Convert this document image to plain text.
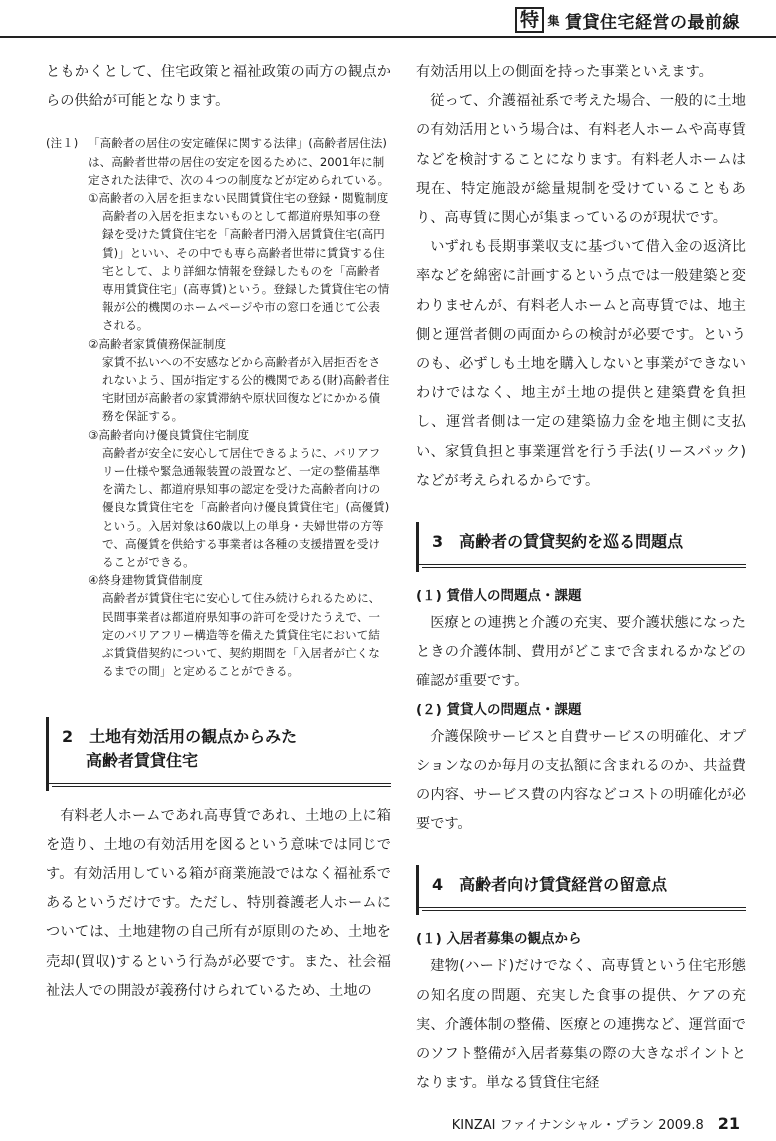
特 集 賃貸住宅経営の最前線

ともかくとして、住宅政策と福祉政策の両方の観点からの供給が可能となります。

(注１) 「高齢者の居住の安定確保に関する法律」(高齢者居住法)は、高齢者世帯の居住の安定を図るために、2001年に制定された法律で、次の４つの制度などが定められている。
①高齢者の入居を拒まない民間賃貸住宅の登録・閲覧制度
高齢者の入居を拒まないものとして都道府県知事の登録を受けた賃貸住宅を「高齢者円滑入居賃貸住宅(高円賃)」といい、その中でも専ら高齢者世帯に賃貸する住宅として、より詳細な情報を登録したものを「高齢者専用賃貸住宅」(高専賃)という。登録した賃貸住宅の情報が公的機関のホームページや市の窓口を通じて公表される。
②高齢者家賃債務保証制度
家賃不払いへの不安感などから高齢者が入居拒否をされないよう、国が指定する公的機関である(財)高齢者住宅財団が高齢者の家賃滞納や原状回復などにかかる債務を保証する。
③高齢者向け優良賃貸住宅制度
高齢者が安全に安心して居住できるように、バリアフリー仕様や緊急通報装置の設置など、一定の整備基準を満たし、都道府県知事の認定を受けた高齢者向けの優良な賃貸住宅を「高齢者向け優良賃貸住宅」(高優賃)という。入居対象は60歳以上の単身・夫婦世帯の方等で、高優賃を供給する事業者は各種の支援措置を受けることができる。
④終身建物賃貸借制度
高齢者が賃貸住宅に安心して住み続けられるために、民間事業者は都道府県知事の許可を受けたうえで、一定のバリアフリー構造等を備えた賃貸住宅において結ぶ賃貸借契約について、契約期間を「入居者が亡くなるまでの間」と定めることができる。
2　土地有効活用の観点からみた
高齢者賃貸住宅

有料老人ホームであれ高専賃であれ、土地の上に箱を造り、土地の有効活用を図るという意味では同じです。有効活用している箱が商業施設ではなく福祉系であるというだけです。ただし、特別養護老人ホームについては、土地建物の自己所有が原則のため、土地を売却(買収)するという行為が必要です。また、社会福祉法人での開設が義務付けられているため、土地の

有効活用以上の側面を持った事業といえます。

従って、介護福祉系で考えた場合、一般的に土地の有効活用という場合は、有料老人ホームや高専賃などを検討することになります。有料老人ホームは現在、特定施設が総量規制を受けていることもあり、高専賃に関心が集まっているのが現状です。

いずれも長期事業収支に基づいて借入金の返済比率などを綿密に計画するという点では一般建築と変わりませんが、有料老人ホームと高専賃では、地主側と運営者側の両面からの検討が必要です。というのも、必ずしも土地を購入しないと事業ができないわけではなく、地主が土地の提供と建築費を負担し、運営者側は一定の建築協力金を地主側に支払い、家賃負担と事業運営を行う手法(リースバック)などが考えられるからです。

3　高齢者の賃貸契約を巡る問題点
(１) 賃借人の問題点・課題

医療との連携と介護の充実、要介護状態になったときの介護体制、費用がどこまで含まれるかなどの確認が重要です。

(２) 賃貸人の問題点・課題

介護保険サービスと自費サービスの明確化、オプションなのか毎月の支払額に含まれるのか、共益費の内容、サービス費の内容などコストの明確化が必要です。

4　高齢者向け賃貸経営の留意点
(１) 入居者募集の観点から

建物(ハード)だけでなく、高専賃という住宅形態の知名度の問題、充実した食事の提供、ケアの充実、介護体制の整備、医療との連携など、運営面でのソフト整備が入居者募集の際の大きなポイントとなります。単なる賃貸住宅経

KINZAI ファイナンシャル・プラン 2009.8 21
